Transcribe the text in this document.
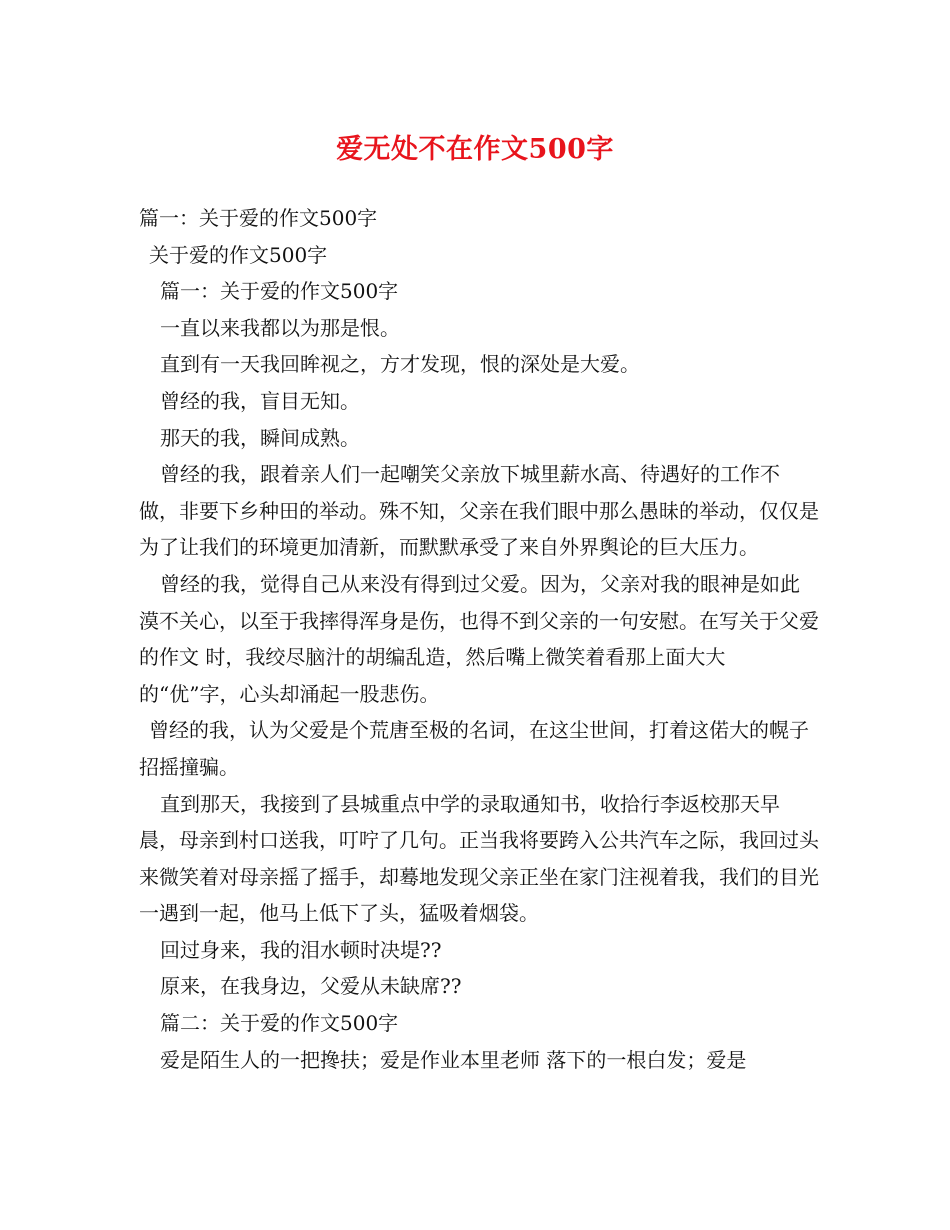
爱无处不在作文500字

篇一：关于爱的作文500字

关于爱的作文500字

篇一：关于爱的作文500字

一直以来我都以为那是恨。

直到有一天我回眸视之，方才发现，恨的深处是大爱。

曾经的我，盲目无知。

那天的我，瞬间成熟。

曾经的我，跟着亲人们一起嘲笑父亲放下城里薪水高、待遇好的工作不做，非要下乡种田的举动。殊不知，父亲在我们眼中那么愚昧的举动，仅仅是为了让我们的环境更加清新，而默默承受了来自外界舆论的巨大压力。

曾经的我，觉得自己从来没有得到过父爱。因为，父亲对我的眼神是如此漠不关心，以至于我摔得浑身是伤，也得不到父亲的一句安慰。在写关于父爱的作文 时，我绞尽脑汁的胡编乱造，然后嘴上微笑着看那上面大大的“优”字，心头却涌起一股悲伤。

曾经的我，认为父爱是个荒唐至极的名词，在这尘世间，打着这偌大的幌子招摇撞骗。

直到那天，我接到了县城重点中学的录取通知书，收拾行李返校那天早晨，母亲到村口送我，叮咛了几句。正当我将要跨入公共汽车之际，我回过头来微笑着对母亲摇了摇手，却蓦地发现父亲正坐在家门注视着我，我们的目光一遇到一起，他马上低下了头，猛吸着烟袋。

回过身来，我的泪水顿时决堤??

原来，在我身边，父爱从未缺席??

篇二：关于爱的作文500字

爱是陌生人的一把搀扶；爱是作业本里老师 落下的一根白发；爱是
